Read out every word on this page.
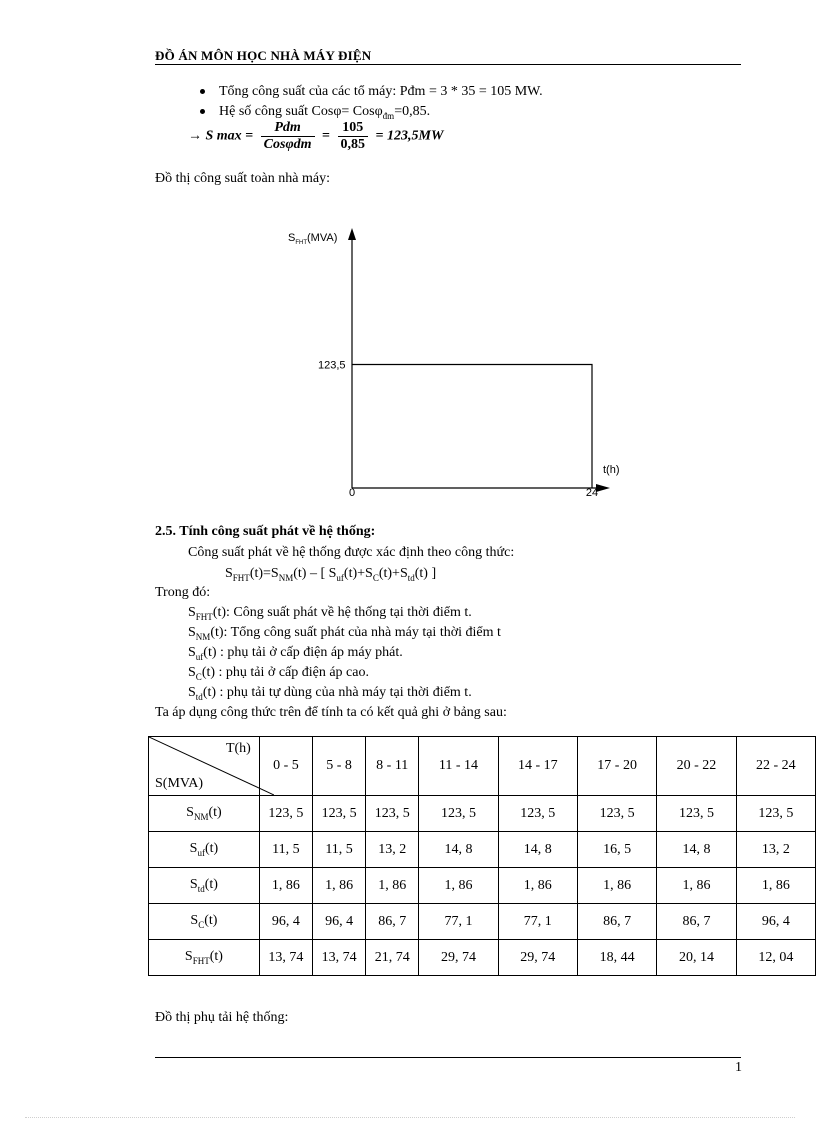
ĐỒ ÁN MÔN HỌC NHÀ MÁY ĐIỆN
Tổng công suất của các tổ máy: Pđm = 3 * 35 = 105 MW.
Hệ số công suất Cosφ= Cosφ$_{đm}$=0,85.
→ S $\max = \frac{\text{Pdm}}{\text{Cosφdm}} = \frac{105}{0,85} = 123,5MW$
Đồ thị công suất toàn nhà máy:
$S_{FHT}(MVA)$
123,5
0	24
t(h)
2.5. Tính công suất phát về hệ thống:
Công suất phát về hệ thống được xác định theo công thức:
$S_{FHT}(t)=S_{NM}(t)$ – [ $S_{uf}(t)+S_C(t)+S_{td}(t)$ ]
Trong đó:
$S_{FHT}(t)$: Công suất phát về hệ thống tại thời điểm t.
$S_{NM}(t)$: Tổng công suất phát của nhà máy tại thời điểm t
$S_{uf}(t)$ : phụ tải ở cấp điện áp máy phát.
$S_C(t)$ : phụ tải ở cấp điện áp cao.
$S_{td}(t)$ : phụ tải tự dùng của nhà máy tại thời điểm t.
Ta áp dụng công thức trên để tính ta có kết quả ghi ở bảng sau:
T(h)
S(MVA)	0 - 5	5 - 8	8 - 11	11 - 14	14 - 17	17 - 20	20 - 22	22 - 24
$S_{NM}(t)$	123, 5	123, 5	123, 5	123, 5	123, 5	123, 5	123, 5	123, 5
$S_{uf}(t)$	11, 5	11, 5	13, 2	14, 8	14, 8	16, 5	14, 8	13, 2
$S_{td}(t)$	1, 86	1, 86	1, 86	1, 86	1, 86	1, 86	1, 86	1, 86
$S_C(t)$	96, 4	96, 4	86, 7	77, 1	77, 1	86, 7	86, 7	96, 4
$S_{FHT}(t)$	13, 74	13, 74	21, 74	29, 74	29, 74	18, 44	20, 14	12, 04
Đồ thị phụ tải hệ thống:
1
